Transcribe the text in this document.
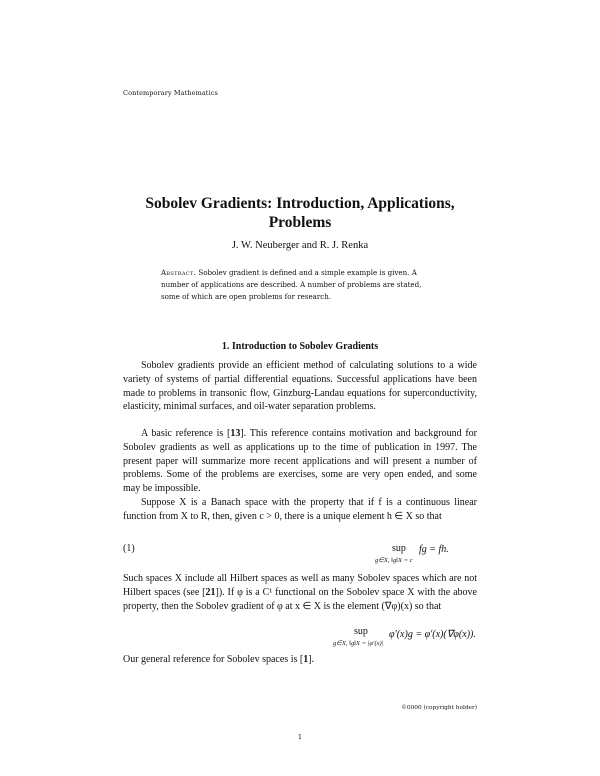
Contemporary Mathematics
Sobolev Gradients: Introduction, Applications,
Problems
J. W. Neuberger and R. J. Renka
Abstract. Sobolev gradient is defined and a simple example is given. A number of applications are described. A number of problems are stated, some of which are open problems for research.
1. Introduction to Sobolev Gradients
Sobolev gradients provide an efficient method of calculating solutions to a wide variety of systems of partial differential equations. Successful applications have been made to problems in transonic flow, Ginzburg-Landau equations for superconductivity, elasticity, minimal surfaces, and oil-water separation problems.
A basic reference is [13]. This reference contains motivation and background for Sobolev gradients as well as applications up to the time of publication in 1997. The present paper will summarize more recent applications and will present a number of problems. Some of the problems are exercises, some are very open ended, and some may be impossible.
Suppose X is a Banach space with the property that if f is a continuous linear function from X to R, then, given c > 0, there is a unique element h ∈ X so that
(1)	sup
g∈X, ‖g‖X = c
fg = fh.
Such spaces X include all Hilbert spaces as well as many Sobolev spaces which are not Hilbert spaces (see [21]). If φ is a C¹ functional on the Sobolev space X with the above property, then the Sobolev gradient of φ at x ∈ X is the element (∇φ)(x) so that
sup
g∈X, ‖g‖X = |φ′(x)|
φ′(x)g = φ′(x)(∇φ(x)).
Our general reference for Sobolev spaces is [1].
©0000 (copyright holder)
1
